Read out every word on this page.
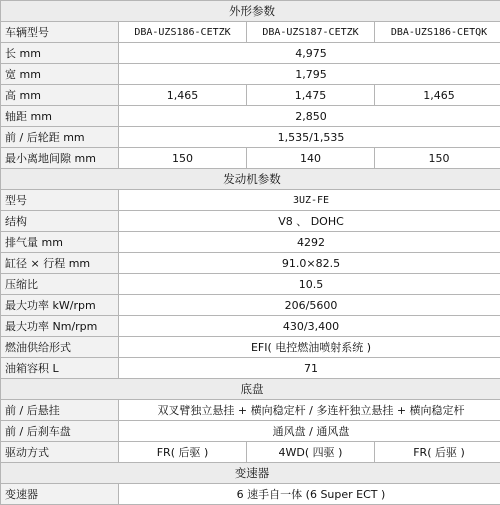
外形参数			
车辆型号	DBA-UZS186-CETZK	DBA-UZS187-CETZK	DBA-UZS186-CETQK
长 mm	4,975		
宽 mm	1,795		
高 mm	1,465	1,475	1,465
轴距 mm	2,850		
前 / 后轮距 mm	1,535/1,535		
最小离地间隙 mm	150	140	150
发动机参数			
型号	3UZ-FE		
结构	V8 、 DOHC		
排气量 mm	4292		
缸径 × 行程 mm	91.0×82.5		
压缩比	10.5		
最大功率 kW/rpm	206/5600		
最大功率 Nm/rpm	430/3,400		
燃油供给形式	EFI( 电控燃油喷射系统 )		
油箱容积 L	71		
底盘			
前 / 后悬挂	双叉臂独立悬挂 + 横向稳定杆 / 多连杆独立悬挂 + 横向稳定杆		
前 / 后刹车盘	通风盘 / 通风盘		
驱动方式	FR( 后驱 )	4WD( 四驱 )	FR( 后驱 )
变速器			
变速器	6 速手自一体 (6 Super ECT )		
